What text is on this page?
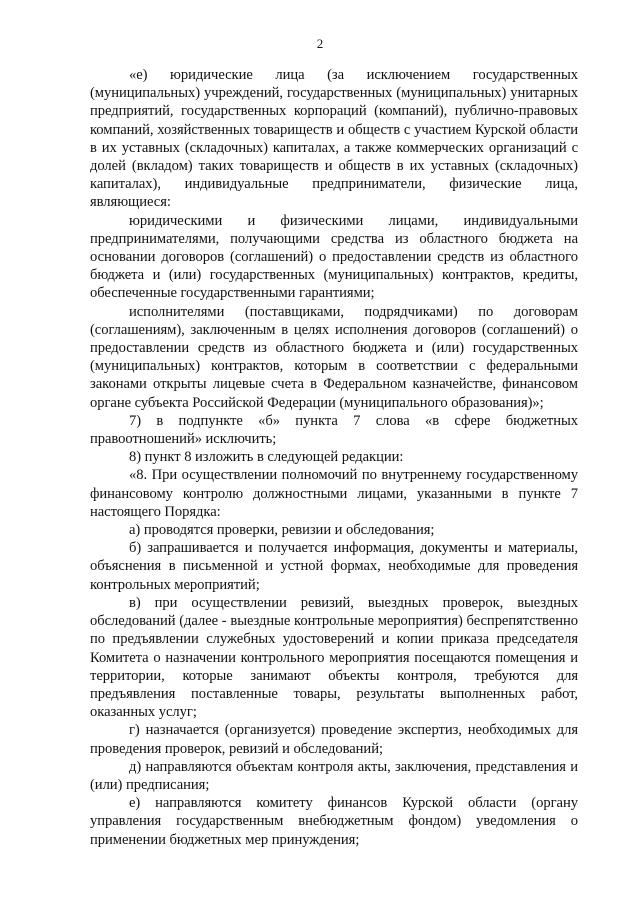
2

«е) юридические лица (за исключением государственных (муниципальных) учреждений, государственных (муниципальных) унитарных предприятий, государственных корпораций (компаний), публично-правовых компаний, хозяйственных товариществ и обществ с участием Курской области в их уставных (складочных) капиталах, а также коммерческих организаций с долей (вкладом) таких товариществ и обществ в их уставных (складочных) капиталах), индивидуальные предприниматели, физические лица, являющиеся:

юридическими и физическими лицами, индивидуальными предпринимателями, получающими средства из областного бюджета на основании договоров (соглашений) о предоставлении средств из областного бюджета и (или) государственных (муниципальных) контрактов, кредиты, обеспеченные государственными гарантиями;

исполнителями (поставщиками, подрядчиками) по договорам (соглашениям), заключенным в целях исполнения договоров (соглашений) о предоставлении средств из областного бюджета и (или) государственных (муниципальных) контрактов, которым в соответствии с федеральными законами открыты лицевые счета в Федеральном казначействе, финансовом органе субъекта Российской Федерации (муниципального образования)»;

7) в подпункте «б» пункта 7 слова «в сфере бюджетных правоотношений» исключить;

8) пункт 8 изложить в следующей редакции:

«8. При осуществлении полномочий по внутреннему государственному финансовому контролю должностными лицами, указанными в пункте 7 настоящего Порядка:

а) проводятся проверки, ревизии и обследования;

б) запрашивается и получается информация, документы и материалы, объяснения в письменной и устной формах, необходимые для проведения контрольных мероприятий;

в) при осуществлении ревизий, выездных проверок, выездных обследований (далее - выездные контрольные мероприятия) беспрепятственно по предъявлении служебных удостоверений и копии приказа председателя Комитета о назначении контрольного мероприятия посещаются помещения и территории, которые занимают объекты контроля, требуются для предъявления поставленные товары, результаты выполненных работ, оказанных услуг;

г) назначается (организуется) проведение экспертиз, необходимых для проведения проверок, ревизий и обследований;

д) направляются объектам контроля акты, заключения, представления и (или) предписания;

е) направляются комитету финансов Курской области (органу управления государственным внебюджетным фондом) уведомления о применении бюджетных мер принуждения;
